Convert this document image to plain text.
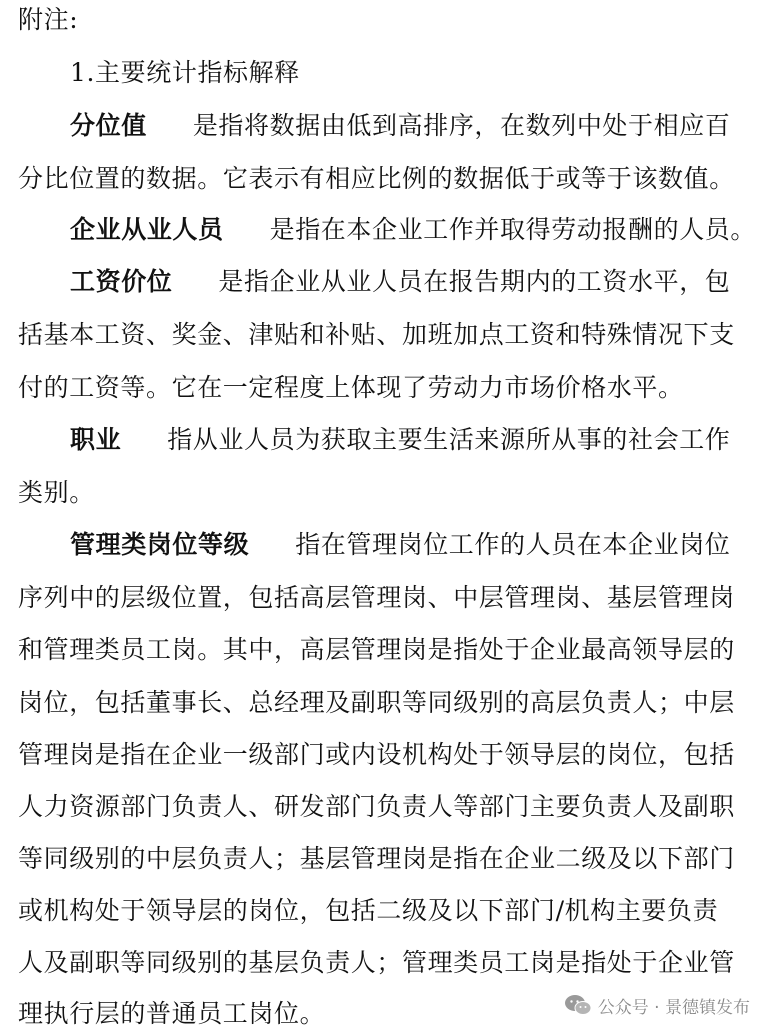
附注:
1.主要统计指标解释
分位值 是指将数据由低到高排序，在数列中处于相应百
分比位置的数据。它表示有相应比例的数据低于或等于该数值。
企业从业人员 是指在本企业工作并取得劳动报酬的人员。
工资价位 是指企业从业人员在报告期内的工资水平，包
括基本工资、奖金、津贴和补贴、加班加点工资和特殊情况下支
付的工资等。它在一定程度上体现了劳动力市场价格水平。
职业 指从业人员为获取主要生活来源所从事的社会工作
类别。
管理类岗位等级 指在管理岗位工作的人员在本企业岗位
序列中的层级位置，包括高层管理岗、中层管理岗、基层管理岗
和管理类员工岗。其中，高层管理岗是指处于企业最高领导层的
岗位，包括董事长、总经理及副职等同级别的高层负责人；中层
管理岗是指在企业一级部门或内设机构处于领导层的岗位，包括
人力资源部门负责人、研发部门负责人等部门主要负责人及副职
等同级别的中层负责人；基层管理岗是指在企业二级及以下部门
或机构处于领导层的岗位，包括二级及以下部门/机构主要负责
人及副职等同级别的基层负责人；管理类员工岗是指处于企业管
理执行层的普通员工岗位。	公众号 · 景德镇发布
